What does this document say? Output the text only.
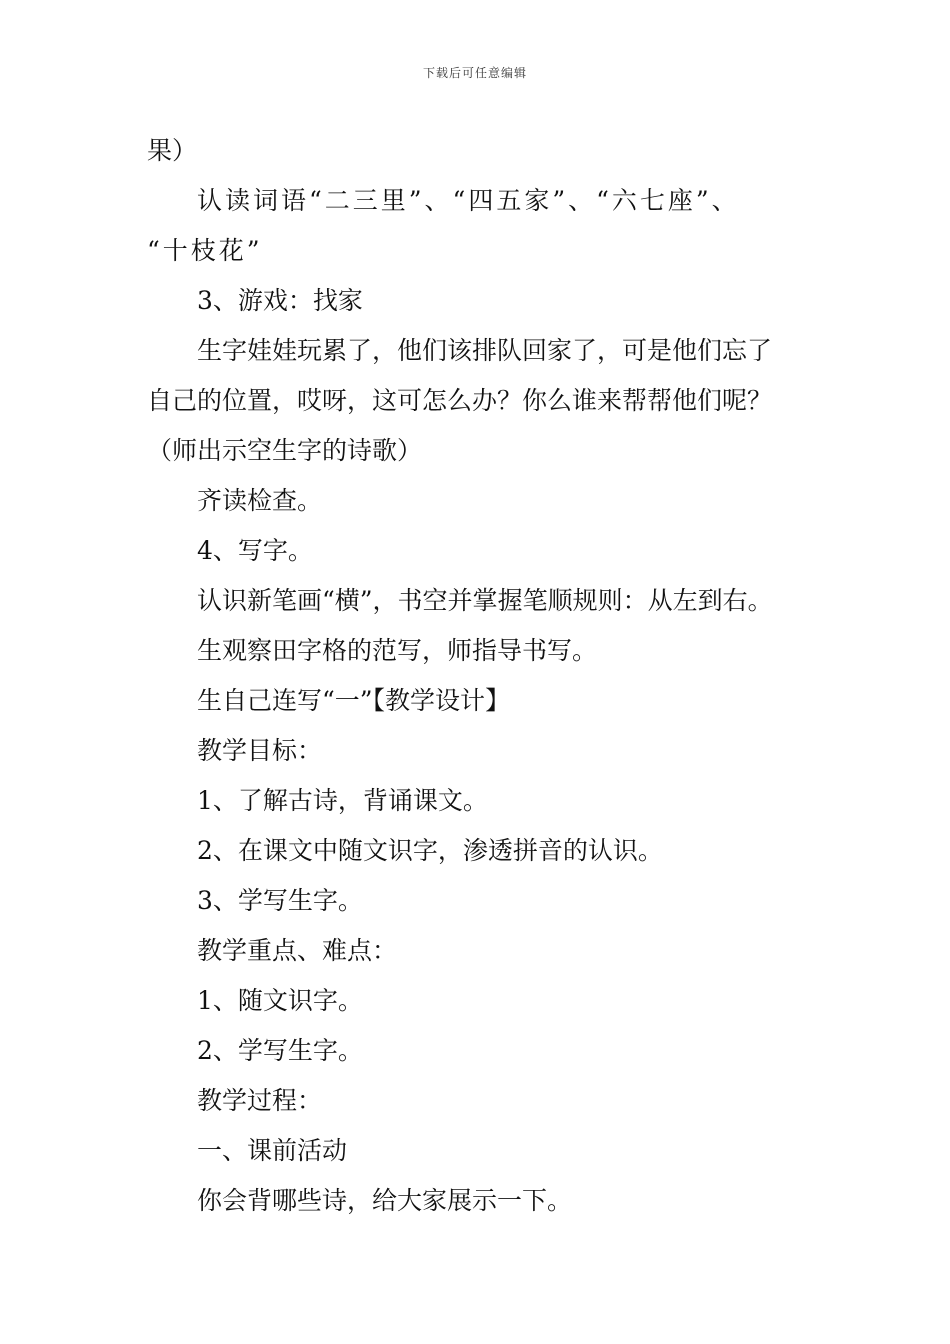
下载后可任意编辑

果）

认读词语“二三里”、“四五家”、“六七座”、

“十枝花”

3、游戏：找家

生字娃娃玩累了，他们该排队回家了，可是他们忘了

自己的位置，哎呀，这可怎么办？你么谁来帮帮他们呢？

（师出示空生字的诗歌）

齐读检查。

4、写字。

认识新笔画“横”，书空并掌握笔顺规则：从左到右。

生观察田字格的范写，师指导书写。

生自己连写“一”【教学设计】

教学目标：

1、了解古诗，背诵课文。

2、在课文中随文识字，渗透拼音的认识。

3、学写生字。

教学重点、难点：

1、随文识字。

2、学写生字。

教学过程：

一、课前活动

你会背哪些诗，给大家展示一下。
